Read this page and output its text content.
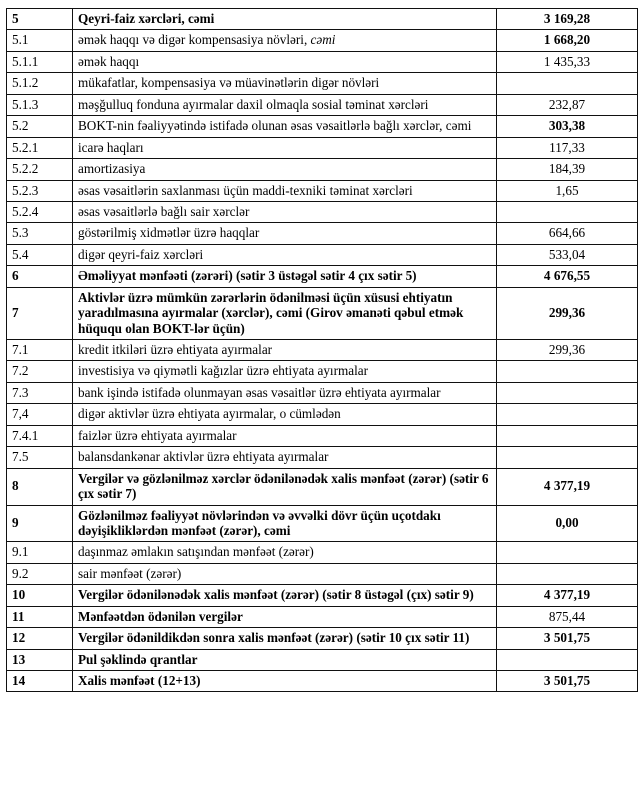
5	Qeyri-faiz xərcləri, cəmi	3 169,28
5.1	əmək haqqı və digər kompensasiya növləri, cəmi	1 668,20
5.1.1	əmək haqqı	1 435,33
5.1.2	mükafatlar, kompensasiya və müavinətlərin digər növləri	
5.1.3	məşğulluq fonduna ayırmalar daxil olmaqla sosial təminat xərcləri	232,87
5.2	BOKT-nin fəaliyyətində istifadə olunan əsas vəsaitlərlə bağlı xərclər, cəmi	303,38
5.2.1	icarə haqları	117,33
5.2.2	amortizasiya	184,39
5.2.3	əsas vəsaitlərin saxlanması üçün maddi-texniki təminat xərcləri	1,65
5.2.4	əsas vəsaitlərlə bağlı sair xərclər	
5.3	göstərilmiş xidmətlər üzrə haqqlar	664,66
5.4	digər qeyri-faiz xərcləri	533,04
6	Əməliyyat mənfəəti (zərəri) (sətir 3 üstəgəl sətir 4 çıx sətir 5)	4 676,55
7	Aktivlər üzrə mümkün zərərlərin ödənilməsi üçün xüsusi ehtiyatın yaradılmasına ayırmalar (xərclər), cəmi (Girov əmanəti qəbul etmək hüququ olan BOKT-lər üçün)	299,36
7.1	kredit itkiləri üzrə ehtiyata ayırmalar	299,36
7.2	investisiya və qiymətli kağızlar üzrə ehtiyata ayırmalar	
7.3	bank işində istifadə olunmayan əsas vəsaitlər üzrə ehtiyata ayırmalar	
7,4	digər aktivlər üzrə ehtiyata ayırmalar, o cümlədən	
7.4.1	faizlər üzrə ehtiyata ayırmalar	
7.5	balansdankənar aktivlər üzrə ehtiyata ayırmalar	
8	Vergilər və gözlənilməz xərclər ödənilənədək xalis mənfəət (zərər) (sətir 6 çıx sətir 7)	4 377,19
9	Gözlənilməz fəaliyyət növlərindən və əvvəlki dövr üçün uçotdakı dəyişikliklərdən mənfəət (zərər), cəmi	0,00
9.1	daşınmaz əmlakın satışından mənfəət (zərər)	
9.2	sair mənfəət (zərər)	
10	Vergilər ödənilənədək xalis mənfəət (zərər) (sətir 8 üstəgəl (çıx) sətir 9)	4 377,19
11	Mənfəətdən ödənilən vergilər	875,44
12	Vergilər ödənildikdən sonra xalis mənfəət (zərər) (sətir 10 çıx sətir 11)	3 501,75
13	Pul şəklində qrantlar	
14	Xalis mənfəət (12+13)	3 501,75
